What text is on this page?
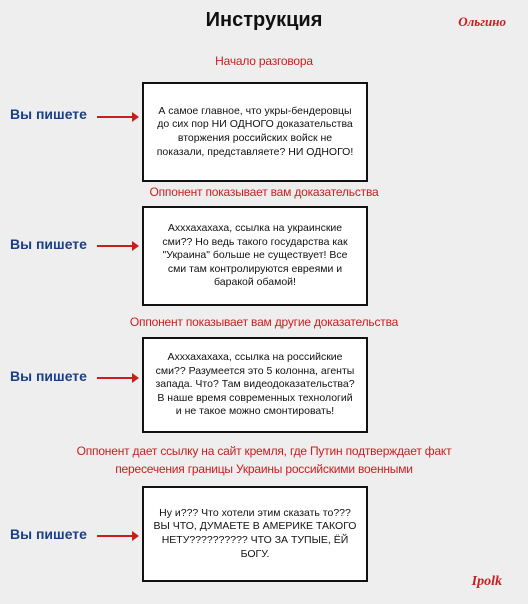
Инструкция	Ольгино
Начало разговора
А самое главное, что укры-бендеровцы
до сих пор НИ ОДНОГО доказательства
вторжения российских войск не
показали, представляете? НИ ОДНОГО!
Вы пишете
Оппонент показывает вам доказательства
Ахххахахаха, ссылка на украинские
сми?? Но ведь такого государства как
"Украина" больше не существует! Все
сми там контролируются евреями и
баракой обамой!
Вы пишете
Оппонент показывает вам другие доказательства
Ахххахахаха, ссылка на российские
сми?? Разумеется это 5 колонна, агенты
запада. Что? Там видеодоказательства?
В наше время современных технологий
и не такое можно смонтировать!
Вы пишете
Оппонент дает ссылку на сайт кремля, где Путин подтверждает факт
пересечения границы Украины российскими военными
Ну и??? Что хотели этим сказать то???
ВЫ ЧТО, ДУМАЕТЕ В АМЕРИКЕ ТАКОГО
НЕТУ?????????? ЧТО ЗА ТУПЫЕ, ЁЙ
БОГУ.
Вы пишете
Ipolk
